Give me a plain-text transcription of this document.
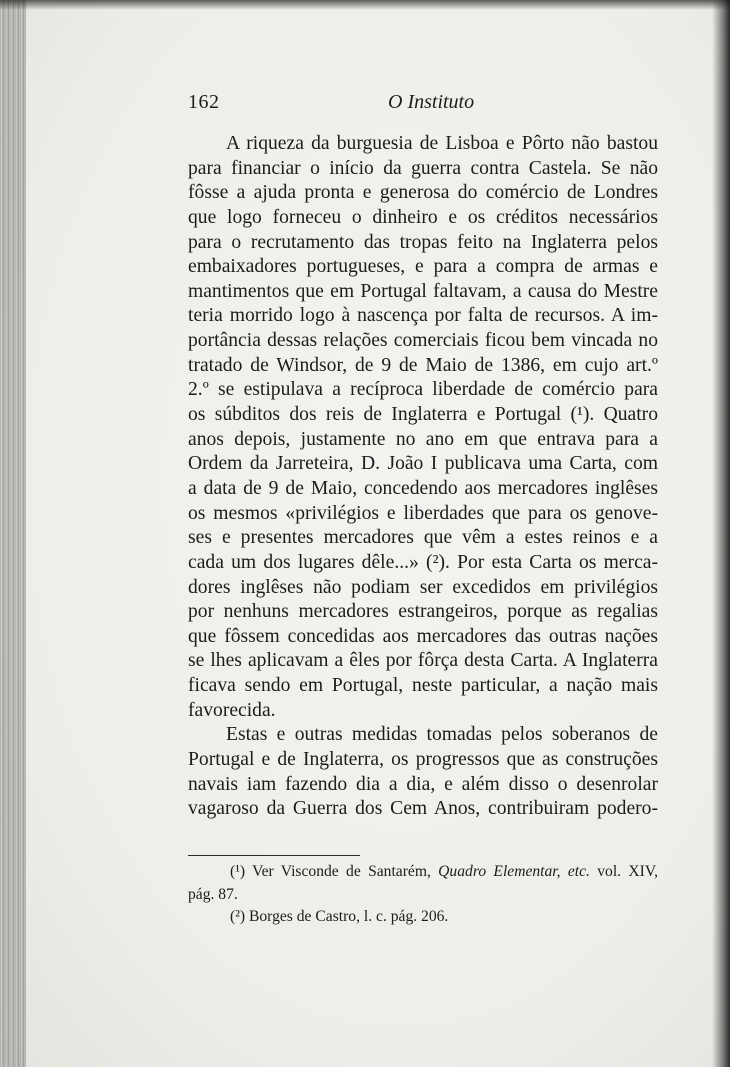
162	O Instituto
A riqueza da burguesia de Lisboa e Pôrto não bastou
para financiar o início da guerra contra Castela. Se não
fôsse a ajuda pronta e generosa do comércio de Londres
que logo forneceu o dinheiro e os créditos necessários
para o recrutamento das tropas feito na Inglaterra pelos
embaixadores portugueses, e para a compra de armas e
mantimentos que em Portugal faltavam, a causa do Mestre
teria morrido logo à nascença por falta de recursos. A im-
portância dessas relações comerciais ficou bem vincada no
tratado de Windsor, de 9 de Maio de 1386, em cujo art.º
2.º se estipulava a recíproca liberdade de comércio para
os súbditos dos reis de Inglaterra e Portugal (¹). Quatro
anos depois, justamente no ano em que entrava para a
Ordem da Jarreteira, D. João I publicava uma Carta, com
a data de 9 de Maio, concedendo aos mercadores inglêses
os mesmos «privilégios e liberdades que para os genove-
ses e presentes mercadores que vêm a estes reinos e a
cada um dos lugares dêle...» (²). Por esta Carta os merca-
dores inglêses não podiam ser excedidos em privilégios
por nenhuns mercadores estrangeiros, porque as regalias
que fôssem concedidas aos mercadores das outras nações
se lhes aplicavam a êles por fôrça desta Carta. A Inglaterra
ficava sendo em Portugal, neste particular, a nação mais
favorecida.
Estas e outras medidas tomadas pelos soberanos de
Portugal e de Inglaterra, os progressos que as construções
navais iam fazendo dia a dia, e além disso o desenrolar
vagaroso da Guerra dos Cem Anos, contribuiram podero-
(¹) Ver Visconde de Santarém, Quadro Elementar, etc. vol. XIV,
pág. 87.
(²) Borges de Castro, l. c. pág. 206.
